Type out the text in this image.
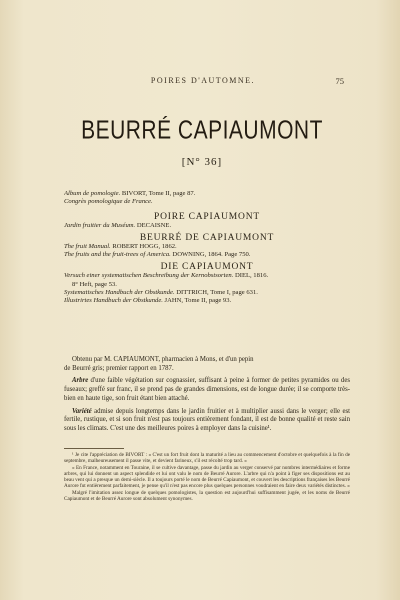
POIRES D'AUTOMNE.	75
BEURRÉ CAPIAUMONT
[N° 36]
Album de pomologie. BIVORT, Tome II, page 87.
Congrès pomologique de France.
POIRE CAPIAUMONT
Jardin fruitier du Muséum. DECAISNE.
BEURRÉ DE CAPIAUMONT
The fruit Manual. ROBERT HOGG, 1862.
The fruits and the fruit-trees of America. DOWNING, 1864. Page 750.
DIE CAPIAUMONT
Versuch einer systematischen Beschreibung der Kernobstsorten. DIEL, 1816.
8° Heft, page 53.
Systematisches Handbuch der Obstkunde. DITTRICH, Tome I, page 631.
Illustrirtes Handbuch der Obstkunde. JAHN, Tome II, page 93.
Obtenu par M. CAPIAUMONT, pharmacien à Mons, et d'un pepin
de Beurré gris; premier rapport en 1787.
Arbre d'une faible végétation sur cognassier, suffisant à peine à former de petites pyramides ou des fuseaux; greffé sur franc, il se prend pas de grandes dimensions, est de longue durée; il se comporte très-bien en haute tige, son fruit étant bien attaché.
Variété admise depuis longtemps dans le jardin fruitier et à multiplier aussi dans le verger; elle est fertile, rustique, et si son fruit n'est pas toujours entièrement fondant, il est de bonne qualité et reste sain sous les climats. C'est une des meilleures poires à employer dans la cuisine¹.
¹ Je cite l'appréciation de BIVORT : « C'est un fort fruit dont la maturité a lieu au commencement d'octobre et quelquefois à la fin de septembre, malheureusement il passe vite, et devient farineux, s'il est récolté trop tard. »
« En France, notamment en Touraine, il se cultive davantage, passe du jardin au verger conservé par nombres intermédiaires et forme arbres, qui lui donnent un aspect splendide et lui ont valu le nom de Beurré Aurore. L'arbre qui n'a point à figer ses dispositions est au beau vent qui a presque un demi-siècle. Il a toujours porté le nom de Beurré Capiaumont, et couvert les descriptions françaises les Beurré Aurore fut entièrement parfaitement, je pense qu'il n'est pas encore plus quelques personnes voudraient en faire deux variétés distinctes. »
Malgré l'imitation assez longue de quelques pomologistes, la question est aujourd'hui suffisamment jugée, et les noms de Beurré Capiaumont et de Beurré Aurore sont absolument synonymes.
